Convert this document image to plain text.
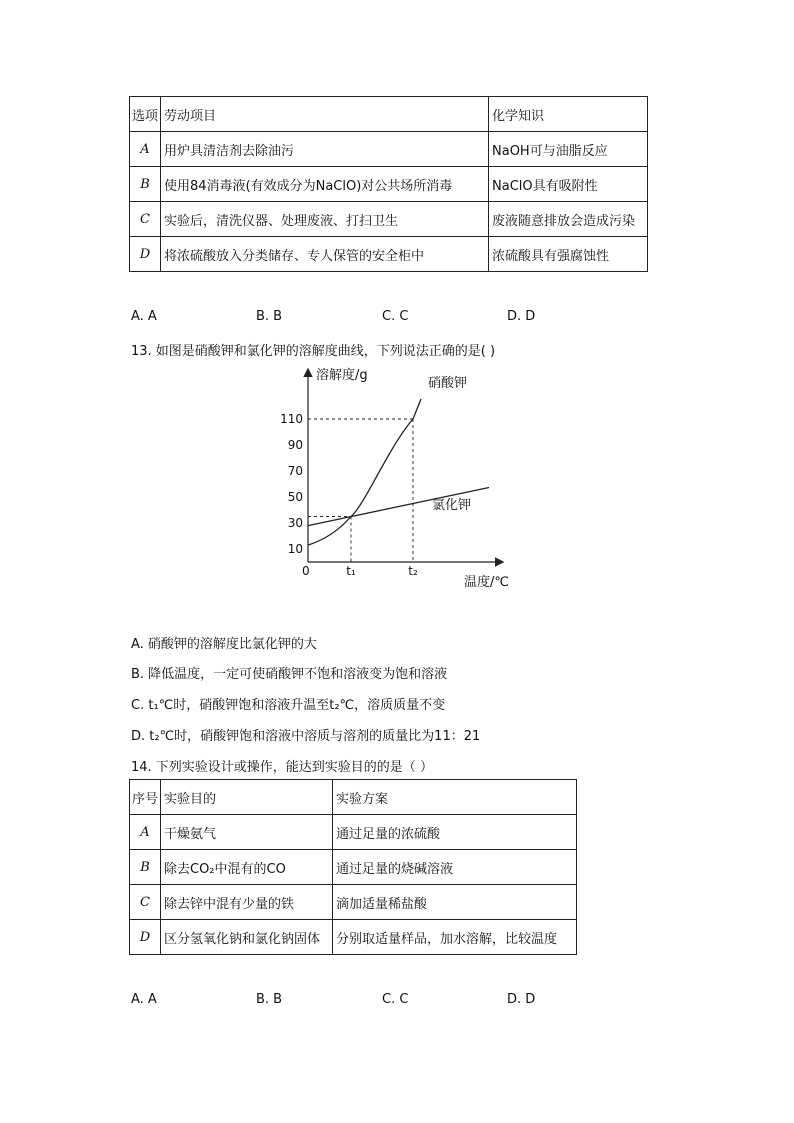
选项	劳动项目	化学知识
A	用炉具清洁剂去除油污	NaOH可与油脂反应
B	使用84消毒液(有效成分为NaClO)对公共场所消毒	NaClO具有吸附性
C	实验后，清洗仪器、处理废液、打扫卫生	废液随意排放会造成污染
D	将浓硫酸放入分类储存、专人保管的安全柜中	浓硫酸具有强腐蚀性
A. A	B. B	C. C	D. D
13. 如图是硝酸钾和氯化钾的溶解度曲线，下列说法正确的是( )
溶解度/g
温度/℃
0
10
30
50
70
90
110
t₁	t₂
硝酸钾
氯化钾
A. 硝酸钾的溶解度比氯化钾的大
B. 降低温度，一定可使硝酸钾不饱和溶液变为饱和溶液
C. t₁℃时，硝酸钾饱和溶液升温至t₂℃，溶质质量不变
D. t₂℃时，硝酸钾饱和溶液中溶质与溶剂的质量比为11：21
14. 下列实验设计或操作，能达到实验目的的是（ ）
序号	实验目的	实验方案
A	干燥氨气	通过足量的浓硫酸
B	除去CO₂中混有的CO	通过足量的烧碱溶液
C	除去锌中混有少量的铁	滴加适量稀盐酸
D	区分氢氧化钠和氯化钠固体	分别取适量样品，加水溶解，比较温度
A. A	B. B	C. C	D. D
